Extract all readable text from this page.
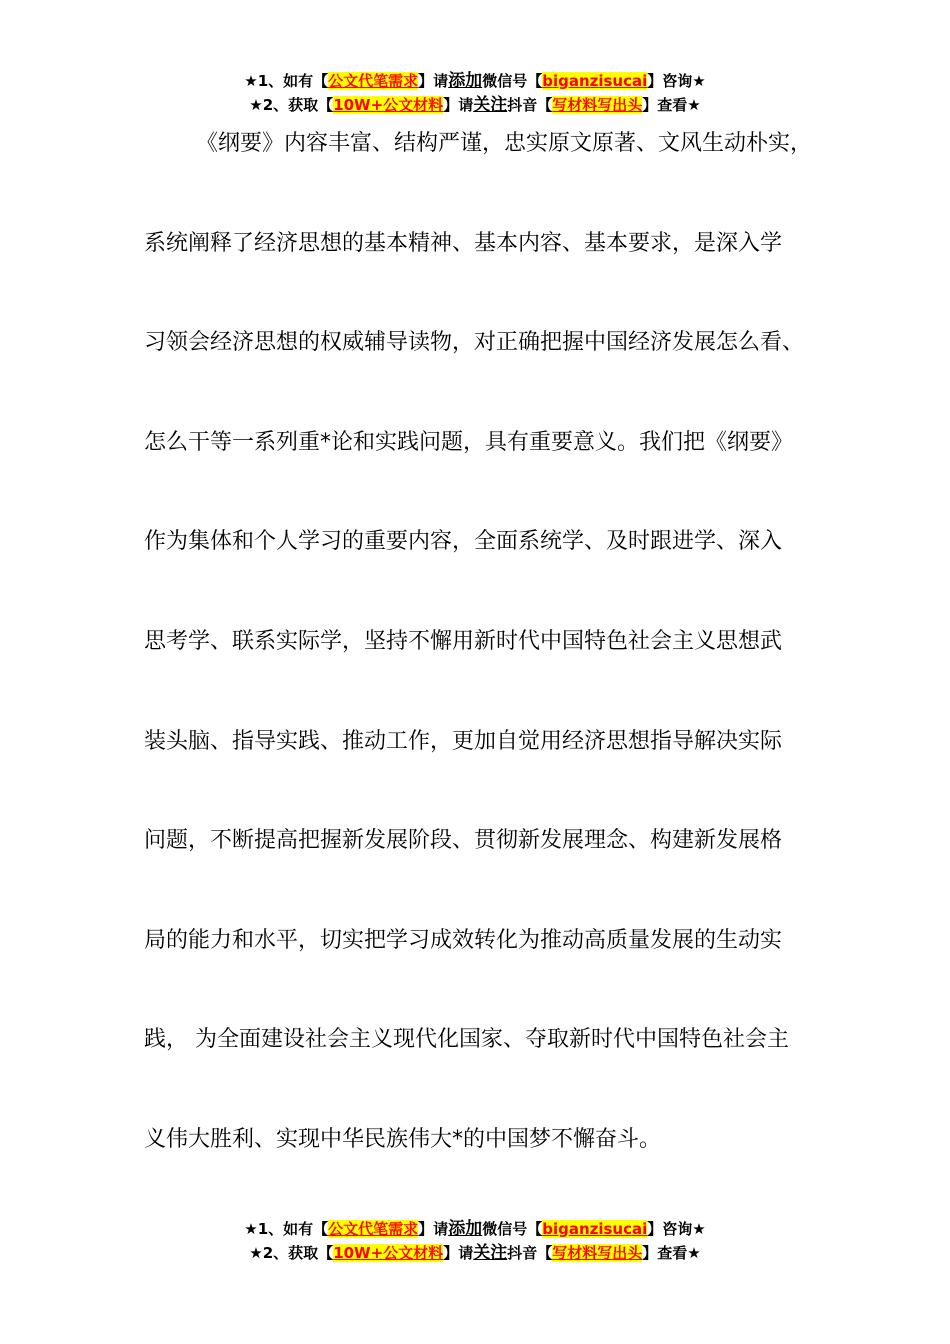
★1、如有【公文代笔需求】请添加微信号【biganzisucai】咨询★
★2、获取【10W+公文材料】请关注抖音【写材料写出头】查看★
《纲要》内容丰富、结构严谨，忠实原文原著、文风生动朴实，
系统阐释了经济思想的基本精神、基本内容、基本要求，是深入学
习领会经济思想的权威辅导读物，对正确把握中国经济发展怎么看、
怎么干等一系列重*论和实践问题，具有重要意义。我们把《纲要》
作为集体和个人学习的重要内容，全面系统学、及时跟进学、深入
思考学、联系实际学，坚持不懈用新时代中国特色社会主义思想武
装头脑、指导实践、推动工作，更加自觉用经济思想指导解决实际
问题，不断提高把握新发展阶段、贯彻新发展理念、构建新发展格
局的能力和水平，切实把学习成效转化为推动高质量发展的生动实
践， 为全面建设社会主义现代化国家、夺取新时代中国特色社会主
义伟大胜利、实现中华民族伟大*的中国梦不懈奋斗。
★1、如有【公文代笔需求】请添加微信号【biganzisucai】咨询★
★2、获取【10W+公文材料】请关注抖音【写材料写出头】查看★
